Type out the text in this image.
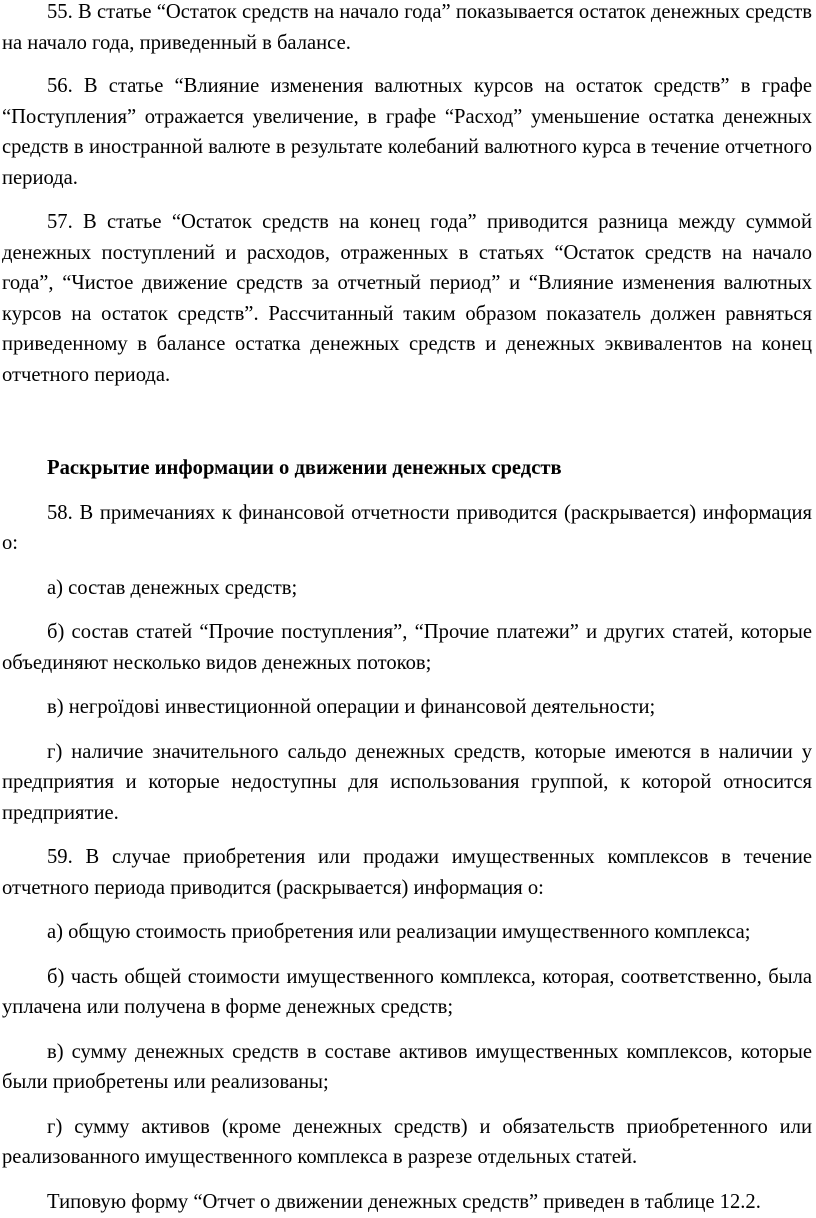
55. В статье “Остаток средств на начало года” показывается остаток денежных средств на начало года, приведенный в балансе.

56. В статье “Влияние изменения валютных курсов на остаток средств” в графе “Поступления” отражается увеличение, в графе “Расход” уменьшение остатка денежных средств в иностранной валюте в результате колебаний валютного курса в течение отчетного периода.

57. В статье “Остаток средств на конец года” приводится разница между суммой денежных поступлений и расходов, отраженных в статьях “Остаток средств на начало года”, “Чистое движение средств за отчетный период” и “Влияние изменения валютных курсов на остаток средств”. Рассчитанный таким образом показатель должен равняться приведенному в балансе остатка денежных средств и денежных эквивалентов на конец отчетного периода.

Раскрытие информации о движении денежных средств

58. В примечаниях к финансовой отчетности приводится (раскрывается) информация о:

а) состав денежных средств;

б) состав статей “Прочие поступления”, “Прочие платежи” и других статей, которые объединяют несколько видов денежных потоков;

в) негроїдові инвестиционной операции и финансовой деятельности;

г) наличие значительного сальдо денежных средств, которые имеются в наличии у предприятия и которые недоступны для использования группой, к которой относится предприятие.

59. В случае приобретения или продажи имущественных комплексов в течение отчетного периода приводится (раскрывается) информация о:

а) общую стоимость приобретения или реализации имущественного комплекса;

б) часть общей стоимости имущественного комплекса, которая, соответственно, была уплачена или получена в форме денежных средств;

в) сумму денежных средств в составе активов имущественных комплексов, которые были приобретены или реализованы;

г) сумму активов (кроме денежных средств) и обязательств приобретенного или реализованного имущественного комплекса в разрезе отдельных статей.

Типовую форму “Отчет о движении денежных средств” приведен в таблице 12.2.
